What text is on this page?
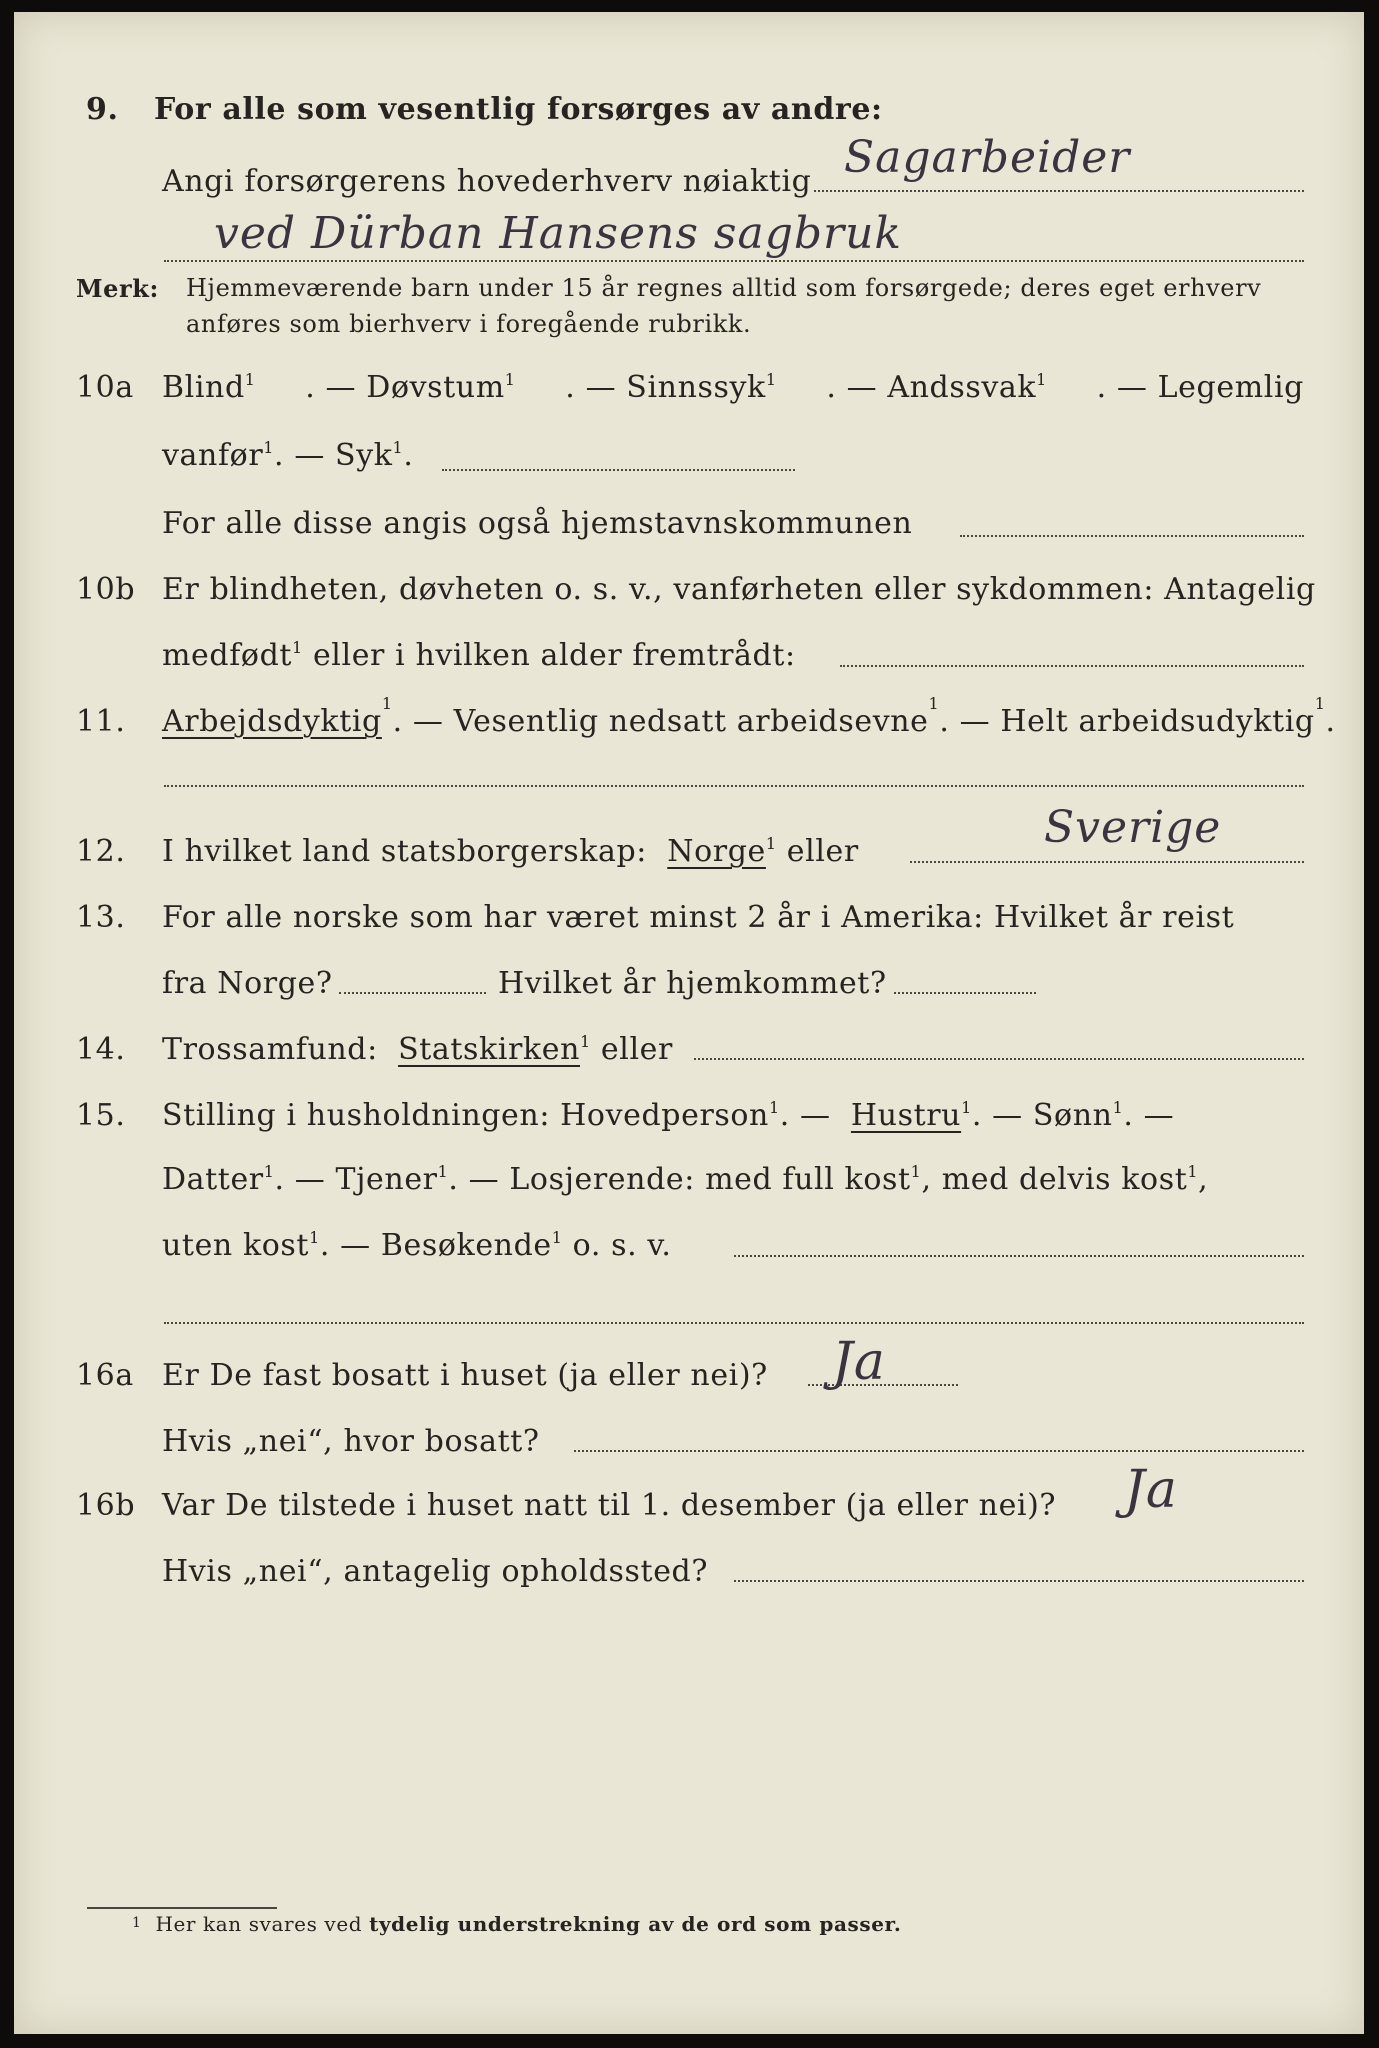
9. For alle som vesentlig forsørges av andre:
Angi forsørgerens hovederhverv nøiaktig Sagarbeider
ved Dürban Hansens sagbruk
Merk: Hjemmeværende barn under 15 år regnes alltid som forsørgede; deres eget erhverv
anføres som bierhverv i foregående rubrikk.
10a Blind$^1$ . — Døvstum$^1$ . — Sinnssyk$^1$ . — Andssvak$^1$ . — Legemlig
vanfør$^1$. — Syk$^1$.
For alle disse angis også hjemstavnskommunen
10b Er blindheten, døvheten o. s. v., vanførheten eller sykdommen: Antagelig
medfødt$^1$ eller i hvilken alder fremtrådt:
11. Arbejdsdyktig
1
. — Vesentlig nedsatt arbeidsevne
1
. — Helt arbeidsudyktig
1
.
12. I hvilket land statsborgerskap: Norge$^1$ eller	Sverige
13. For alle norske som har været minst 2 år i Amerika: Hvilket år reist
fra Norge?	Hvilket år hjemkommet?
14. Trossamfund: Statskirken$^1$ eller
15. Stilling i husholdningen: Hovedperson$^1$. — Hustru$^1$. — Sønn$^1$. —
Datter$^1$. — Tjener$^1$. — Losjerende: med full kost$^1$, med delvis kost$^1$,
uten kost$^1$. — Besøkende$^1$ o. s. v.
16a Er De fast bosatt i huset (ja eller nei)? Ja
Hvis „nei“, hvor bosatt?
16b Var De tilstede i huset natt til 1. desember (ja eller nei)? Ja
Hvis „nei“, antagelig opholdssted?
$^1$ Her kan svares ved tydelig understrekning av de ord som passer.
